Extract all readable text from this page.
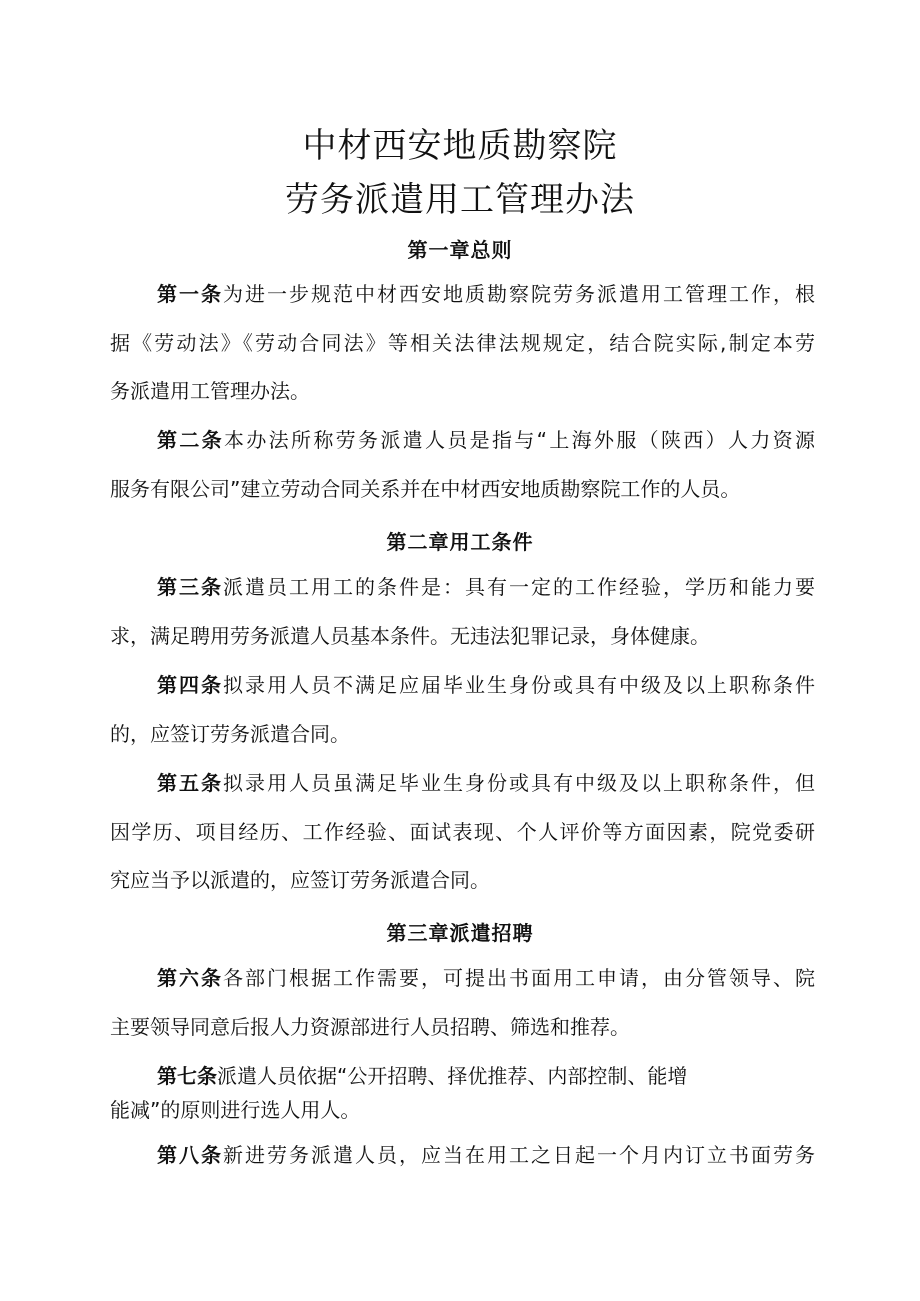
中材西安地质勘察院
劳务派遣用工管理办法
第一章总则
第一条为进一步规范中材西安地质勘察院劳务派遣用工管理工作，根
据《劳动法》《劳动合同法》等相关法律法规规定，结合院实际,制定本劳
务派遣用工管理办法。
第二条本办法所称劳务派遣人员是指与“上海外服（陕西）人力资源
服务有限公司”建立劳动合同关系并在中材西安地质勘察院工作的人员。
第二章用工条件
第三条派遣员工用工的条件是：具有一定的工作经验，学历和能力要
求，满足聘用劳务派遣人员基本条件。无违法犯罪记录，身体健康。
第四条拟录用人员不满足应届毕业生身份或具有中级及以上职称条件
的，应签订劳务派遣合同。
第五条拟录用人员虽满足毕业生身份或具有中级及以上职称条件，但
因学历、项目经历、工作经验、面试表现、个人评价等方面因素，院党委研
究应当予以派遣的，应签订劳务派遣合同。
第三章派遣招聘
第六条各部门根据工作需要，可提出书面用工申请，由分管领导、院
主要领导同意后报人力资源部进行人员招聘、筛选和推荐。
第七条派遣人员依据“公开招聘、择优推荐、内部控制、能增
能减”的原则进行选人用人。
第八条新进劳务派遣人员，应当在用工之日起一个月内订立书面劳务
